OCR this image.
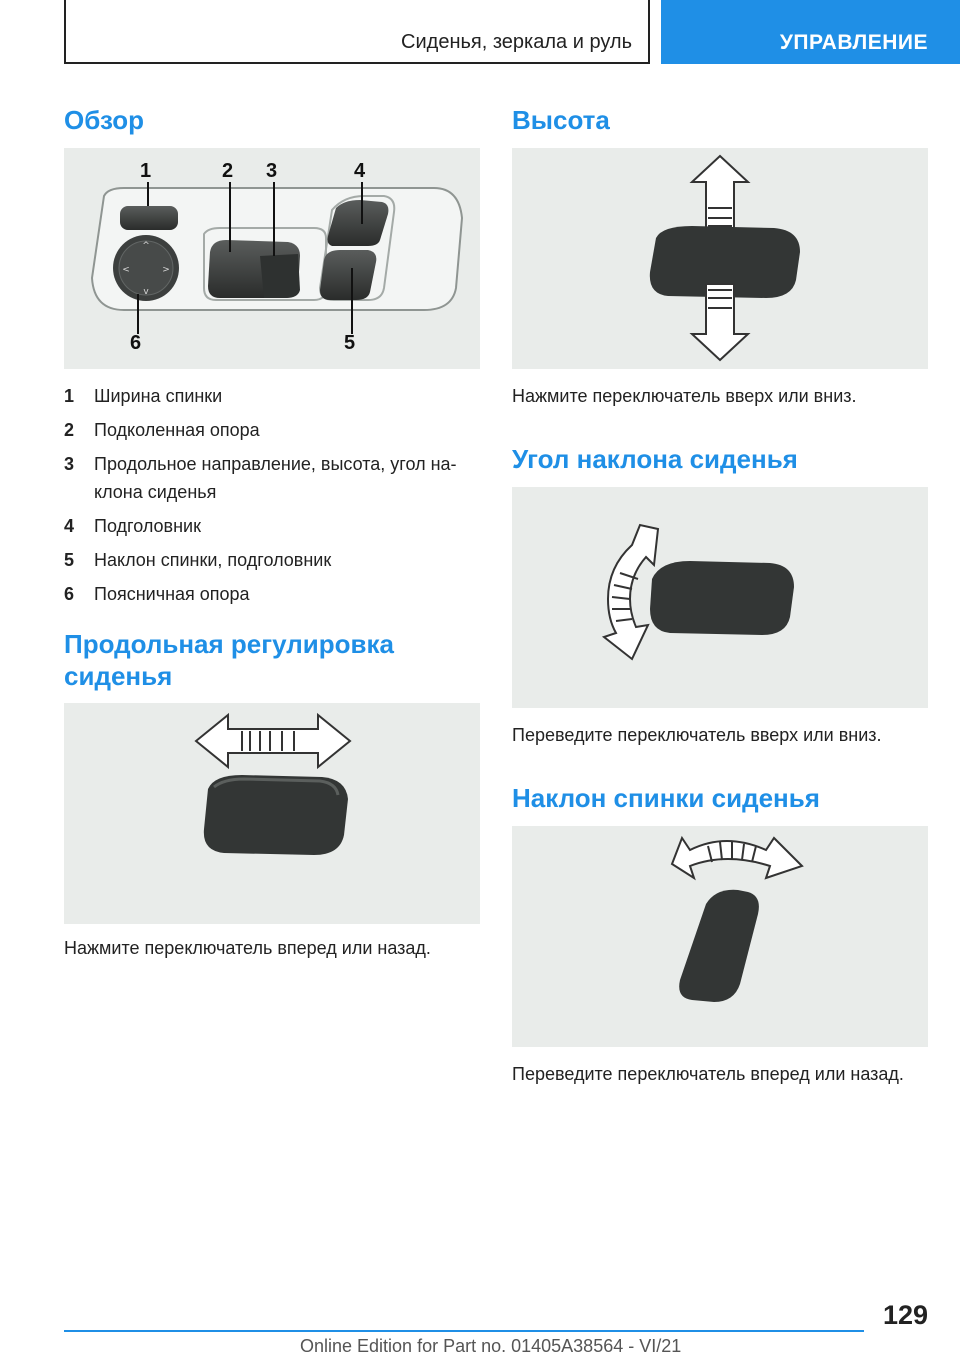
Сиденья, зеркала и руль	УПРАВЛЕНИЕ
Обзор
^
v
<	>
1	2 3	4
5
6
1	Ширина спинки
2	Подколенная опора
3	Продольное направление, высота, угол на-клона сиденья
4	Подголовник
5	Наклон спинки, подголовник
6	Поясничная опора
Продольная регулировка сиденья

Нажмите переключатель вперед или назад.

Высота

Нажмите переключатель вверх или вниз.

Угол наклона сиденья

Переведите переключатель вверх или вниз.

Наклон спинки сиденья

Переведите переключатель вперед или назад.

129
Online Edition for Part no. 01405A38564 - VI/21
